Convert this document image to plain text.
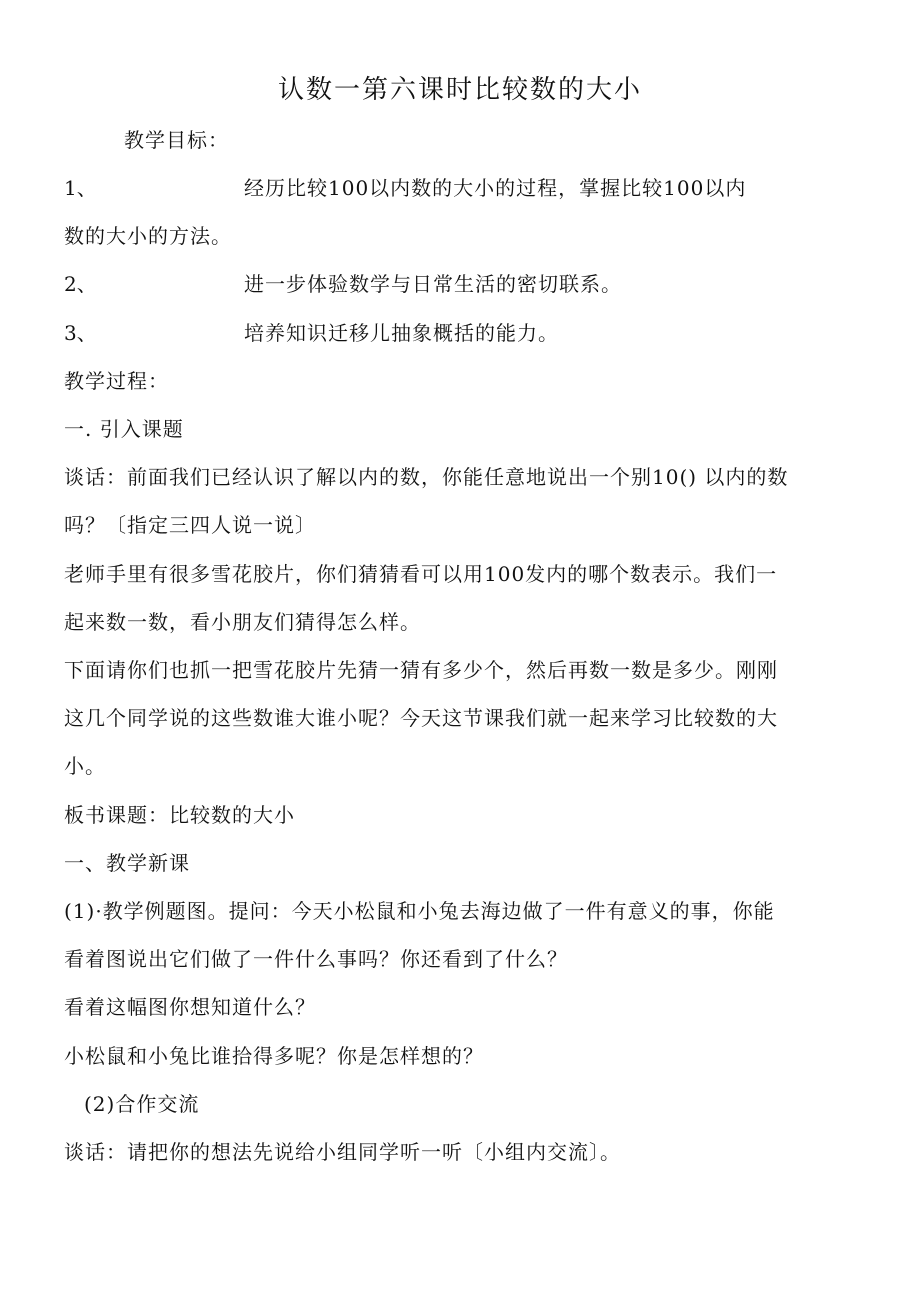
认数一第六课时比较数的大小
教学目标：
1、	经历比较100以内数的大小的过程，掌握比较100以内
数的大小的方法。
2、	进一步体验数学与日常生活的密切联系。
3、	培养知识迁移儿抽象概括的能力。
教学过程：
一. 引入课题
谈话：前面我们已经认识了解以内的数，你能任意地说出一个别10() 以内的数
吗？〔指定三四人说一说〕
老师手里有很多雪花胶片，你们猜猜看可以用100发内的哪个数表示。我们一
起来数一数，看小朋友们猜得怎么样。
下面请你们也抓一把雪花胶片先猜一猜有多少个，然后再数一数是多少。刚刚
这几个同学说的这些数谁大谁小呢？今天这节课我们就一起来学习比较数的大
小。
板书课题：比较数的大小
一、教学新课
(1)·教学例题图。提问：今天小松鼠和小兔去海边做了一件有意义的事，你能
看着图说出它们做了一件什么事吗？你还看到了什么？
看着这幅图你想知道什么？
小松鼠和小兔比谁拾得多呢？你是怎样想的？
(2)合作交流
谈话：请把你的想法先说给小组同学听一听〔小组内交流〕。
